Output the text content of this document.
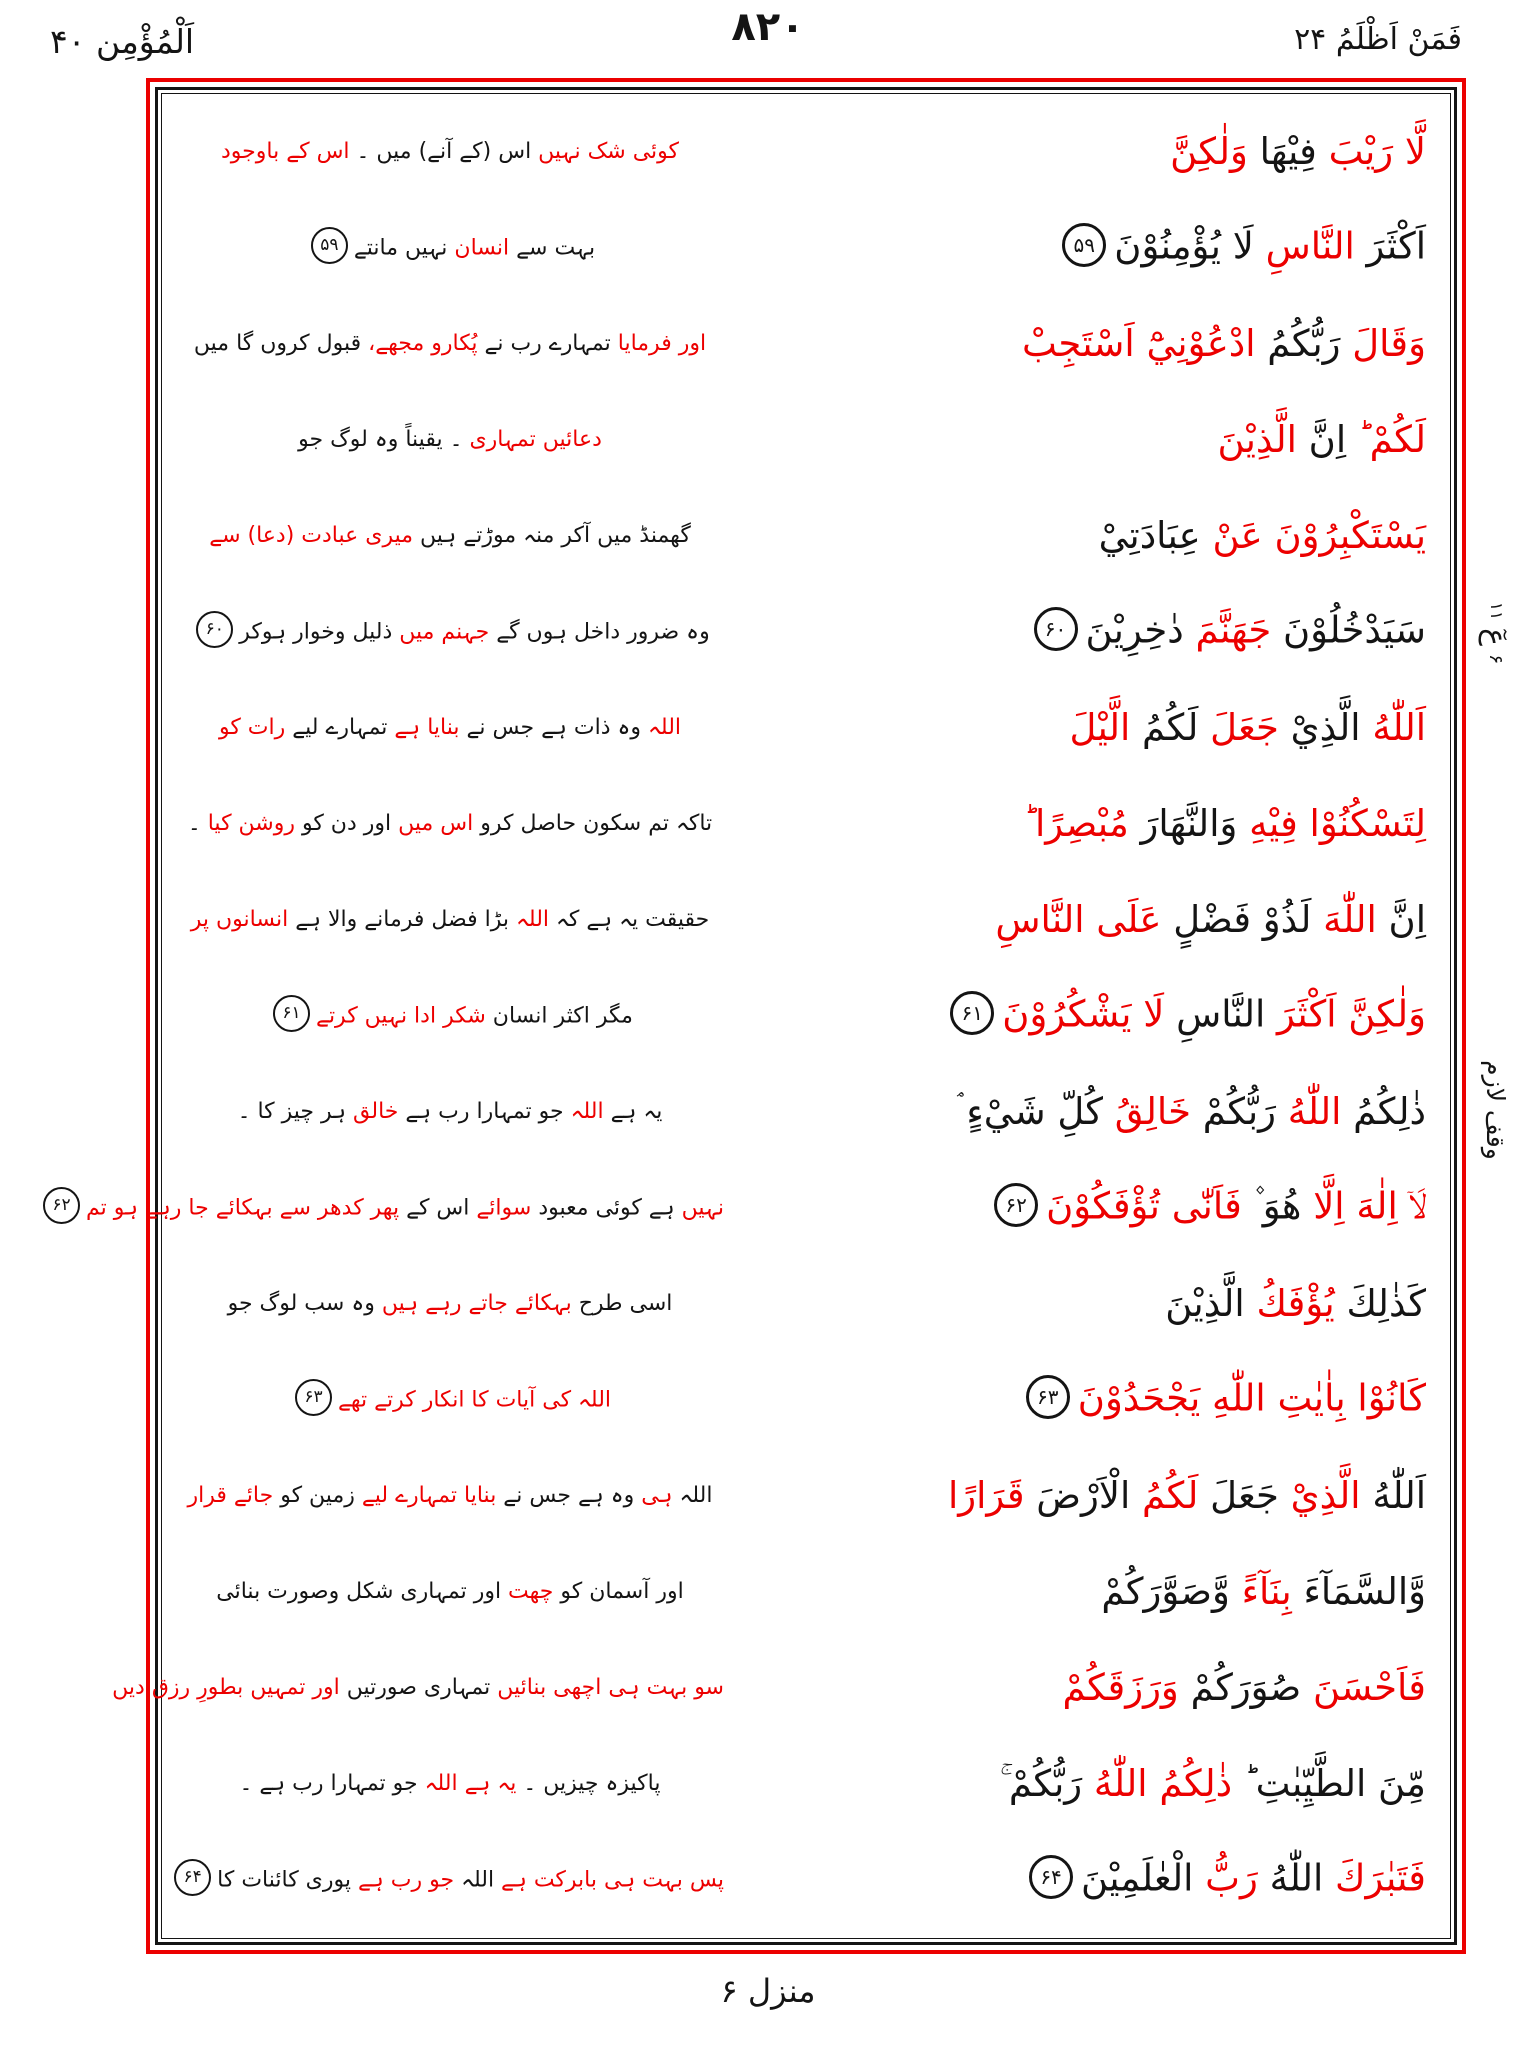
اَلْمُؤْمِن ۴۰	٨٢٠	فَمَنْ اَظْلَمُ ۲۴
کوئی شک نہیں اس (کے آنے) میں ۔ اس کے باوجود	لَّا رَيْبَ فِيْهَا وَلٰكِنَّ
بہت سے انسان نہیں مانتے۵۹	اَكْثَرَ النَّاسِ لَا يُؤْمِنُوْنَ۵۹
اور فرمایا تمہارے رب نے پُکارو مجھے، قبول کروں گا میں	وَقَالَ رَبُّكُمُ ادْعُوْنِيْٓ اَسْتَجِبْ
دعائیں تمہاری ۔ یقیناً وہ لوگ جو	لَكُمْ ؕ اِنَّ الَّذِيْنَ
گھمنڈ میں آکر منہ موڑتے ہیں میری عبادت (دعا) سے	يَسْتَكْبِرُوْنَ عَنْ عِبَادَتِيْ
وہ ضرور داخل ہوں گے جہنم میں ذلیل وخوار ہوکر۶۰	سَيَدْخُلُوْنَ جَهَنَّمَ دٰخِرِيْنَ۶۰
اللہ وہ ذات ہے جس نے بنایا ہے تمہارے لیے رات کو	اَللّٰهُ الَّذِيْ جَعَلَ لَكُمُ الَّيْلَ
تاکہ تم سکون حاصل کرو اس میں اور دن کو روشن کیا ۔	لِتَسْكُنُوْا فِيْهِ وَالنَّهَارَ مُبْصِرًا ؕ
حقیقت یہ ہے کہ اللہ بڑا فضل فرمانے والا ہے انسانوں پر	اِنَّ اللّٰهَ لَذُوْ فَضْلٍ عَلَى النَّاسِ
مگر اکثر انسان شکر ادا نہیں کرتے۶۱	وَلٰكِنَّ اَكْثَرَ النَّاسِ لَا يَشْكُرُوْنَ۶۱
یہ ہے اللہ جو تمہارا رب ہے خالق ہر چیز کا ۔	ذٰلِكُمُ اللّٰهُ رَبُّكُمْ خَالِقُ كُلِّ شَيْءٍ ۘ
نہیں ہے کوئی معبود سوائے اس کے پھر کدھر سے بہکائے جا رہے ہو تم۶۲	لَاۤ اِلٰهَ اِلَّا هُوَ ۫ فَاَنّٰى تُؤْفَكُوْنَ۶۲
اسی طرح بہکائے جاتے رہے ہیں وہ سب لوگ جو	كَذٰلِكَ يُؤْفَكُ الَّذِيْنَ
اللہ کی آیات کا انکار کرتے تھے۶۳	كَانُوْا بِاٰيٰتِ اللّٰهِ يَجْحَدُوْنَ۶۳
اللہ ہی وہ ہے جس نے بنایا تمہارے لیے زمین کو جائے قرار	اَللّٰهُ الَّذِيْ جَعَلَ لَكُمُ الْاَرْضَ قَرَارًا
اور آسمان کو چھت اور تمہاری شکل وصورت بنائی	وَّالسَّمَآءَ بِنَآءً وَّصَوَّرَكُمْ
سو بہت ہی اچھی بنائیں تمہاری صورتیں اور تمہیں بطورِ رزق دیں	فَاَحْسَنَ صُوَرَكُمْ وَرَزَقَكُمْ
پاکیزہ چیزیں ۔ یہ ہے اللہ جو تمہارا رب ہے ۔	مِّنَ الطَّيِّبٰتِ ؕ ذٰلِكُمُ اللّٰهُ رَبُّكُمْ ۚ
پس بہت ہی بابرکت ہے اللہ جو رب ہے پوری کائنات کا۶۴	فَتَبٰرَكَ اللّٰهُ رَبُّ الْعٰلَمِيْنَ۶۴
۶
عٓ
۱۱
وقف لازم
منزل ۶
